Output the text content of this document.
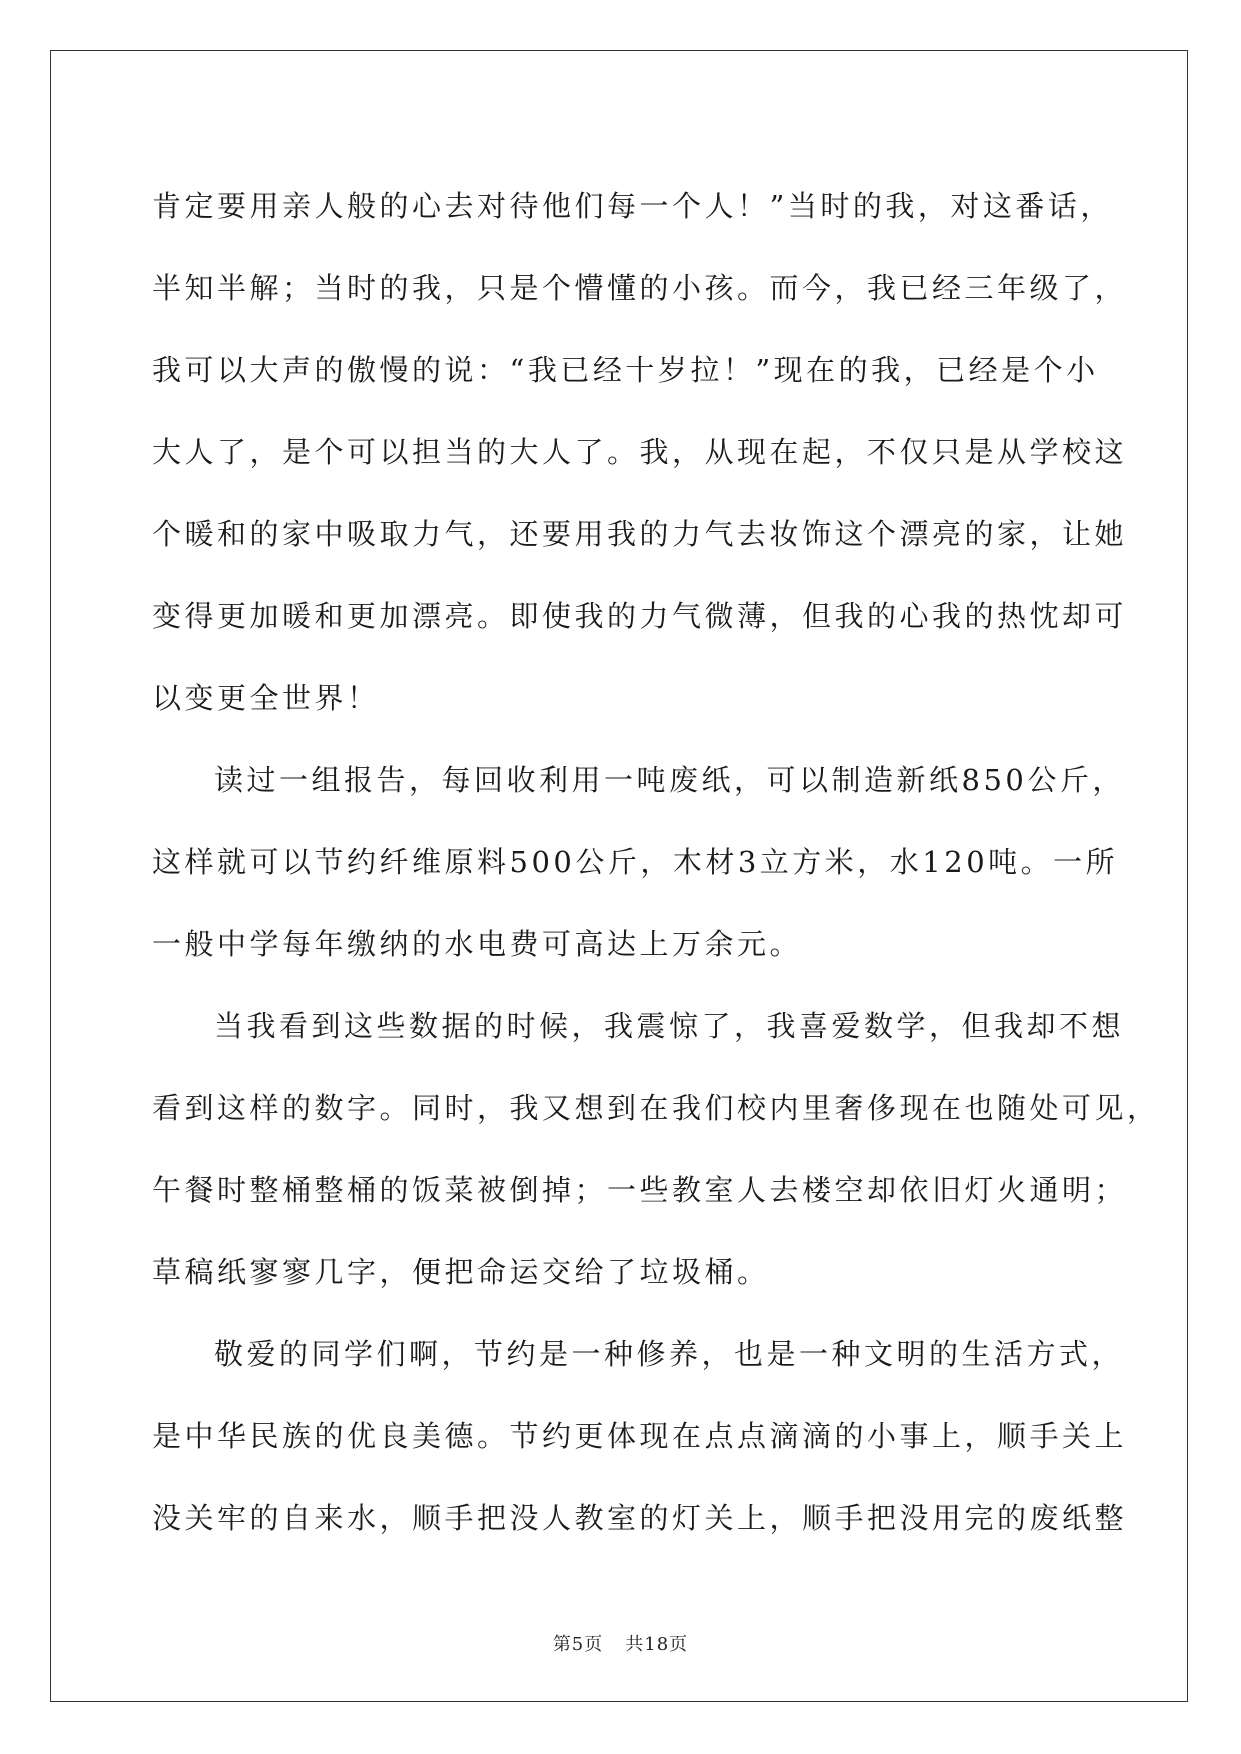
肯定要用亲人般的心去对待他们每一个人！”当时的我，对这番话，
半知半解；当时的我，只是个懵懂的小孩。而今，我已经三年级了，
我可以大声的傲慢的说：“我已经十岁拉！”现在的我，已经是个小
大人了，是个可以担当的大人了。我，从现在起，不仅只是从学校这
个暖和的家中吸取力气，还要用我的力气去妆饰这个漂亮的家，让她
变得更加暖和更加漂亮。即使我的力气微薄，但我的心我的热忱却可
以变更全世界！
读过一组报告，每回收利用一吨废纸，可以制造新纸850公斤，
这样就可以节约纤维原料500公斤，木材3立方米，水120吨。一所
一般中学每年缴纳的水电费可高达上万余元。
当我看到这些数据的时候，我震惊了，我喜爱数学，但我却不想
看到这样的数字。同时，我又想到在我们校内里奢侈现在也随处可见，
午餐时整桶整桶的饭菜被倒掉；一些教室人去楼空却依旧灯火通明；
草稿纸寥寥几字，便把命运交给了垃圾桶。
敬爱的同学们啊，节约是一种修养，也是一种文明的生活方式，
是中华民族的优良美德。节约更体现在点点滴滴的小事上，顺手关上
没关牢的自来水，顺手把没人教室的灯关上，顺手把没用完的废纸整
第5页 共18页
